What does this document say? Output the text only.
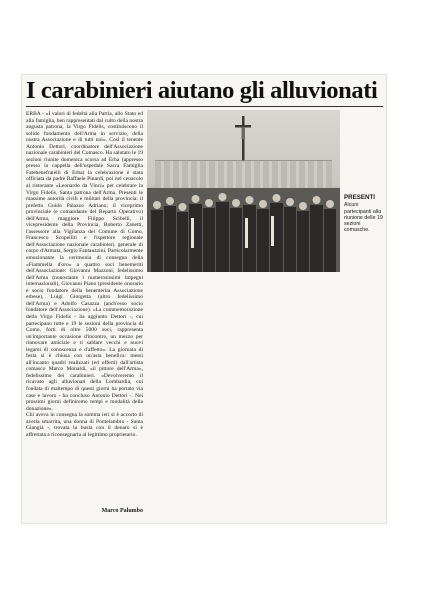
I carabinieri aiutano gli alluvionati

ERBA - «I valori di fedeltà alla Patria, allo Stato ed alla famiglia, ben rappresentati dal culto della nostra augusta patrona, la Virgo Fidelis, costituiscono il solido fondamento dell'Arma in servizio, della nostra Associazione e di tutti noi». Così il tenente Antonio Dettori, coordinatore dell'Associazione nazionale carabinieri del Comasco. Ha salutato le 19 sezioni riunite domenica scorsa ad Erba (appresso presso la cappella dell'ospedale Sacra Famiglia Fatebenefratelli di Erba) la celebrazione è stata officiata da padre Raffaele Pinardi, poi nel cenacolo al ristorante «Leonardo da Vinci» per celebrare la Virgo Fidelis, Santa patrona dell'Arma. Presenti le massime autorità civili e militari della provincia: il prefetto Guido Palazzo Adriano; il viceprimo provinciale (e comandante del Reparto Operativo) dell'Arma, maggiore Filippo Scibelli, il vicepresidente della Provincia, Roberto Zanetti, l'assessore alla Vigilanza del Comune di Como, Francesco Scopelliti e l'ispettore regionale dell'Associazione nazionale carabinieri, generale di corpo d'Armata, Sergio Fantauzzini. Particolarmente emozionante la cerimonia di consegna della «Fiammella d'oro» a quattro soci benemeriti dell'Associazione: Giovanni Mazzoni, fedelissimo dell'Arma (nonostante i numerosissimi impegni internazionali), Giovanni Piano (presidente onorario e socio fondatore della benemerita Associazione erbese), Luigi Giorgetta (altro fedelissimo dell'Arma) e Adolfo Casazza (anch'esso socio fondatore dell'Associazione). «La commemorazione della Virgo Fidelis - ha aggiunto Dettori -, cui partecipano tutte e 19 le sezioni della provincia di Como, forti di oltre 5000 soci, rappresenta un'importante occasione d'incontro, un mezzo per rinnovare amicizie e ri saldare vecchi e nuovi legami di conoscenza e d'affetto». La giornata di festa si è chiusa con un'asta benefica: messi all'incanto quadri realizzati (ed offerti) dall'artista comasco Marco Monaldi, «il pittore dell'Arma», fedelissimo dei carabinieri. «Devolveremo il ricavato agli alluvionati della Lombardia, coi fondata di maltempo di questi giorni ha portato via case e lavoro - ha concluso Antonio Dettori -. Nei prossimi giorni definiremo tempi e modalità della donazione».

Chi aveva in consegna la somma ieri si è accorto di averla smarrita, una donna di Pontelambro - Santa Giangià -, trovata la busta con il denaro si è affrettata a riconsegnarla al legittimo proprietario.

Marco Palumbo
PRESENTI
Alcuni partecipanti alla riunione delle 19 sezioni comasche.
